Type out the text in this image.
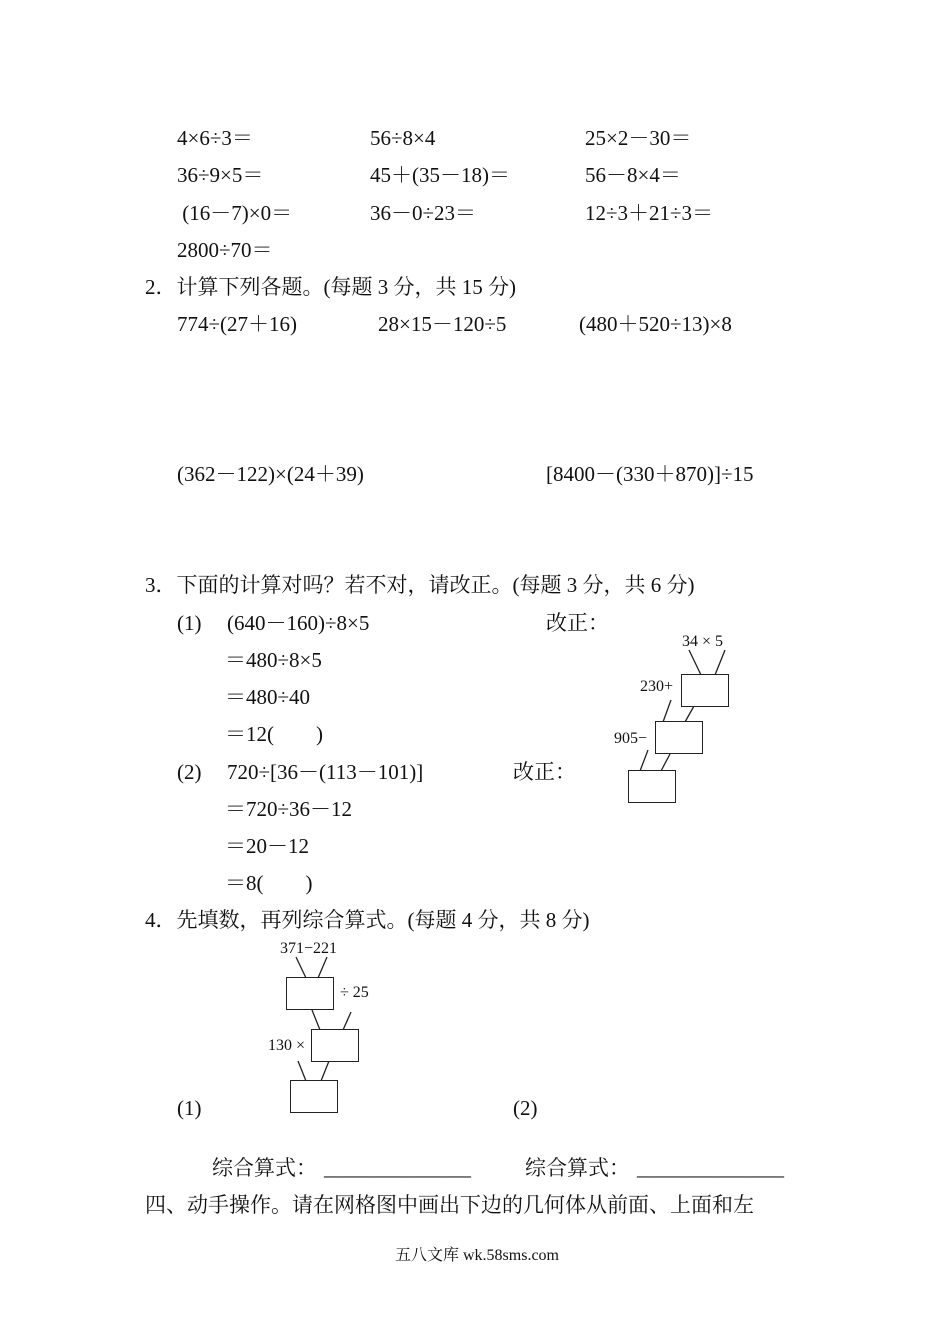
4×6÷3＝	56÷8×4	25×2－30＝
36÷9×5＝	45＋(35－18)＝	56－8×4＝
(16－7)×0＝	36－0÷23＝	12÷3＋21÷3＝
2800÷70＝
2．计算下列各题。(每题 3 分，共 15 分)
774÷(27＋16)	28×15－120÷5	(480＋520÷13)×8
(362－122)×(24＋39)	[8400－(330＋870)]÷15
3．下面的计算对吗？若不对，请改正。(每题 3 分，共 6 分)
(1) (640－160)÷8×5
＝480÷8×5
＝480÷40
＝12(　　)
改正：
(2) 720÷[36－(113－101)]
＝720÷36－12
＝20－12
＝8(　　)
改正：
34 × 5
230+
905−
4．先填数，再列综合算式。(每题 4 分，共 8 分)
371−221
÷ 25
130 ×
(1)	(2)
综合算式： ______________	综合算式： ______________
四、动手操作。请在网格图中画出下边的几何体从前面、上面和左
五八文库 wk.58sms.com
